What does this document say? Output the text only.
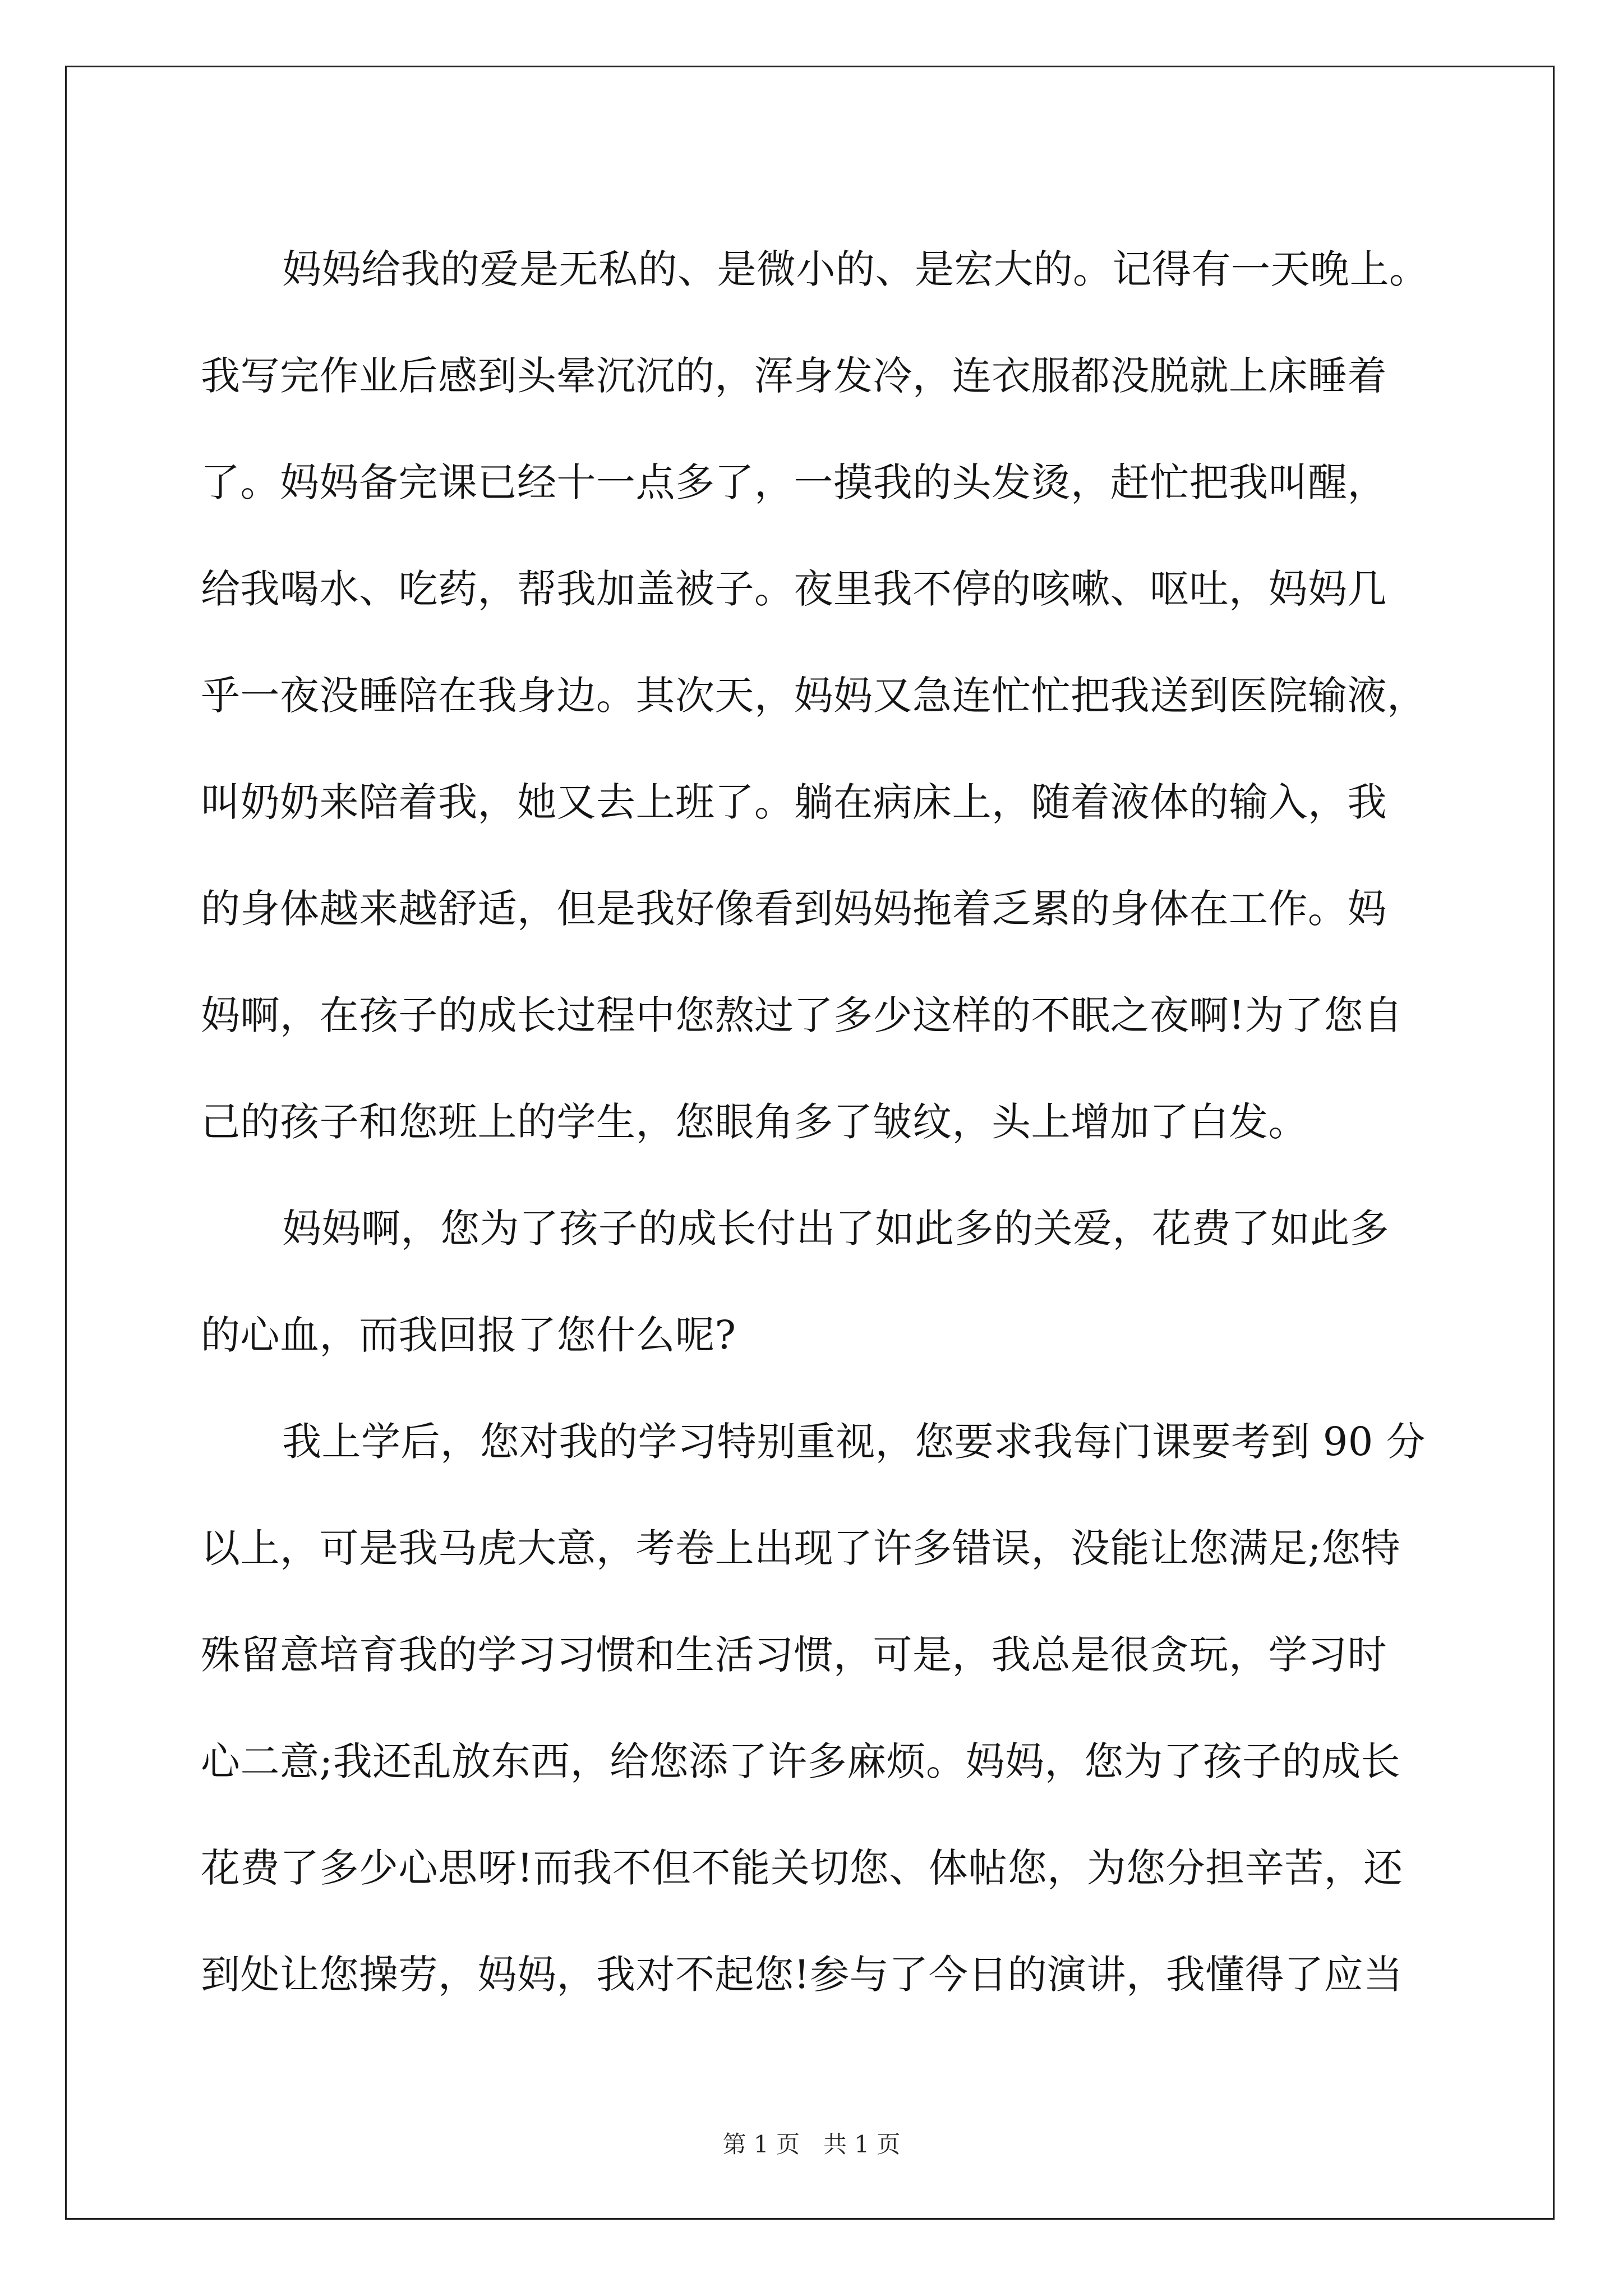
妈妈给我的爱是无私的、是微小的、是宏大的。记得有一天晚上。
我写完作业后感到头晕沉沉的，浑身发冷，连衣服都没脱就上床睡着
了。妈妈备完课已经十一点多了，一摸我的头发烫，赶忙把我叫醒，
给我喝水、吃药，帮我加盖被子。夜里我不停的咳嗽、呕吐，妈妈几
乎一夜没睡陪在我身边。其次天，妈妈又急连忙忙把我送到医院输液，
叫奶奶来陪着我，她又去上班了。躺在病床上，随着液体的输入，我
的身体越来越舒适，但是我好像看到妈妈拖着乏累的身体在工作。妈
妈啊，在孩子的成长过程中您熬过了多少这样的不眠之夜啊!为了您自
己的孩子和您班上的学生，您眼角多了皱纹，头上增加了白发。
妈妈啊，您为了孩子的成长付出了如此多的关爱，花费了如此多
的心血，而我回报了您什么呢?
我上学后，您对我的学习特别重视，您要求我每门课要考到 90 分
以上，可是我马虎大意，考卷上出现了许多错误，没能让您满足;您特
殊留意培育我的学习习惯和生活习惯，可是，我总是很贪玩，学习时
心二意;我还乱放东西，给您添了许多麻烦。妈妈，您为了孩子的成长
花费了多少心思呀!而我不但不能关切您、体帖您，为您分担辛苦，还
到处让您操劳，妈妈，我对不起您!参与了今日的演讲，我懂得了应当
第 1 页　共 1 页
